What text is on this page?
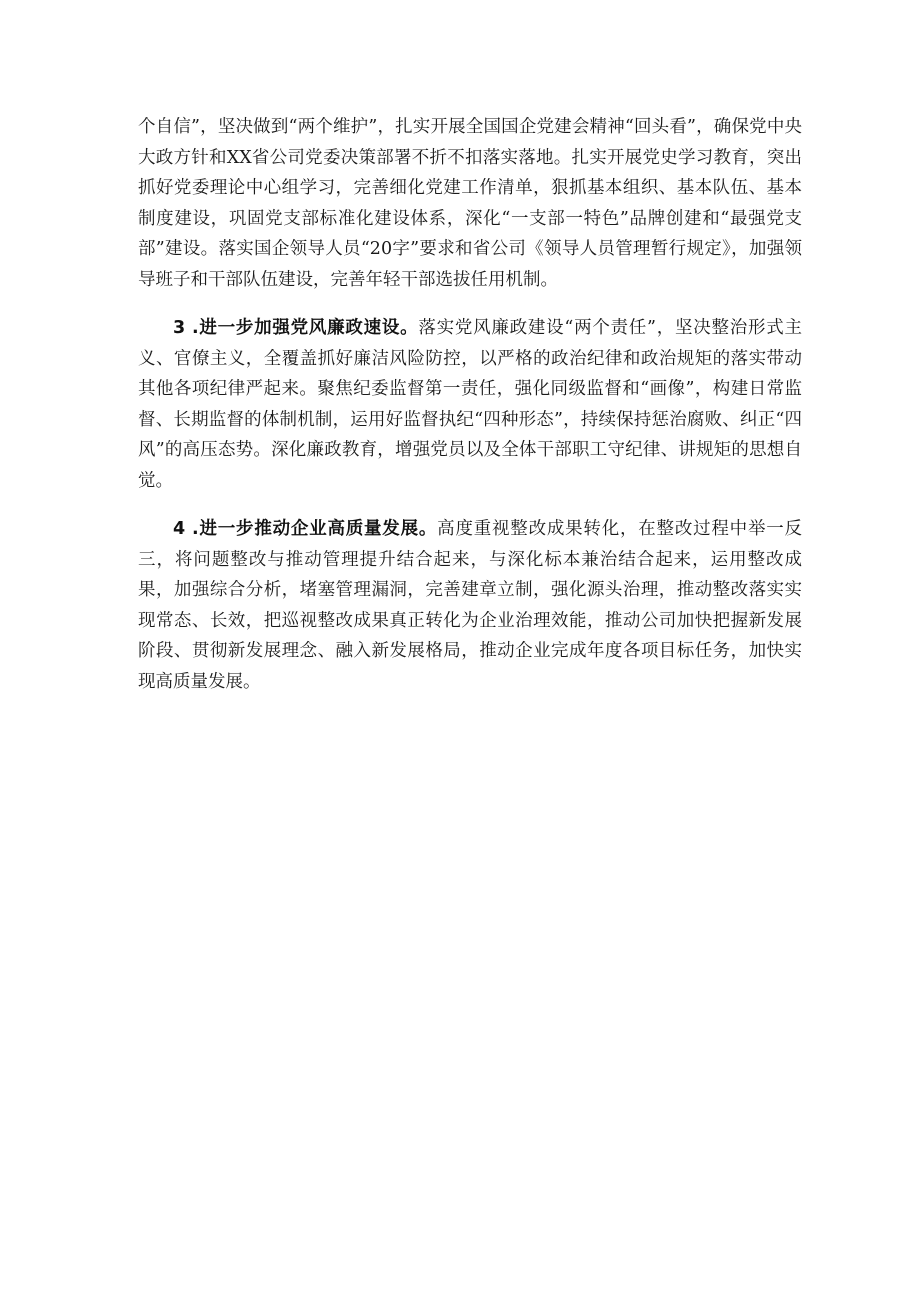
个自信”，坚决做到“两个维护”，扎实开展全国国企党建会精神“回头看”，确保党中央大政方针和XX省公司党委决策部署不折不扣落实落地。扎实开展党史学习教育，突出抓好党委理论中心组学习，完善细化党建工作清单，狠抓基本组织、基本队伍、基本制度建设，巩固党支部标准化建设体系，深化“一支部一特色”品牌创建和“最强党支部”建设。落实国企领导人员“20字”要求和省公司《领导人员管理暂行规定》，加强领导班子和干部队伍建设，完善年轻干部选拔任用机制。

3 .进一步加强党风廉政速设。落实党风廉政建设“两个责任”，坚决整治形式主义、官僚主义，全覆盖抓好廉洁风险防控，以严格的政治纪律和政治规矩的落实带动其他各项纪律严起来。聚焦纪委监督第一责任，强化同级监督和“画像”，构建日常监督、长期监督的体制机制，运用好监督执纪“四种形态”，持续保持惩治腐败、纠正“四风”的高压态势。深化廉政教育，增强党员以及全体干部职工守纪律、讲规矩的思想自觉。

4 .进一步推动企业高质量发展。高度重视整改成果转化，在整改过程中举一反三，将问题整改与推动管理提升结合起来，与深化标本兼治结合起来，运用整改成果，加强综合分析，堵塞管理漏洞，完善建章立制，强化源头治理，推动整改落实实现常态、长效，把巡视整改成果真正转化为企业治理效能，推动公司加快把握新发展阶段、贯彻新发展理念、融入新发展格局，推动企业完成年度各项目标任务，加快实现高质量发展。
